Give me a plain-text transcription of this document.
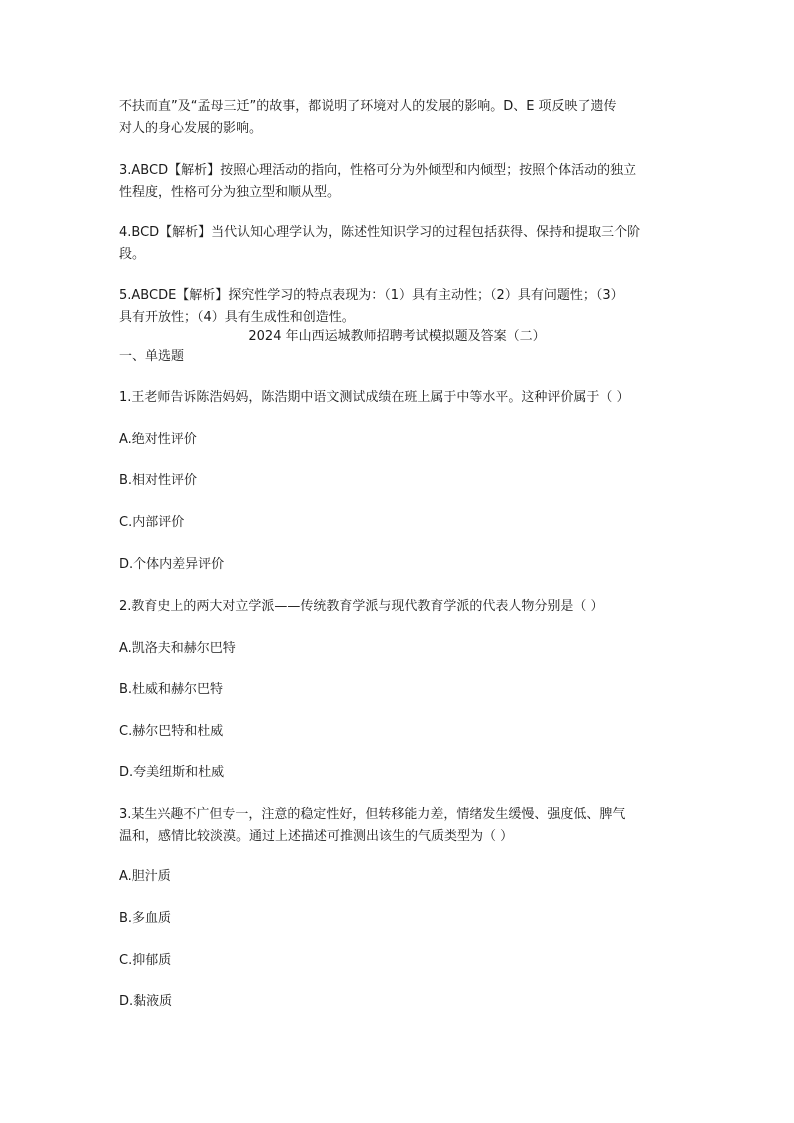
不扶而直”及“孟母三迁”的故事，都说明了环境对人的发展的影响。D、E 项反映了遗传
对人的身心发展的影响。

3.ABCD【解析】按照心理活动的指向，性格可分为外倾型和内倾型；按照个体活动的独立
性程度，性格可分为独立型和顺从型。

4.BCD【解析】当代认知心理学认为，陈述性知识学习的过程包括获得、保持和提取三个阶
段。

5.ABCDE【解析】探究性学习的特点表现为：（1）具有主动性；（2）具有问题性；（3）
具有开放性；（4）具有生成性和创造性。

2024 年山西运城教师招聘考试模拟题及答案（二）

一、单选题

1.王老师告诉陈浩妈妈，陈浩期中语文测试成绩在班上属于中等水平。这种评价属于（ ）

A.绝对性评价

B.相对性评价

C.内部评价

D.个体内差异评价

2.教育史上的两大对立学派——传统教育学派与现代教育学派的代表人物分别是（ ）

A.凯洛夫和赫尔巴特

B.杜威和赫尔巴特

C.赫尔巴特和杜威

D.夸美纽斯和杜威

3.某生兴趣不广但专一，注意的稳定性好，但转移能力差，情绪发生缓慢、强度低、脾气
温和，感情比较淡漠。通过上述描述可推测出该生的气质类型为（ ）

A.胆汁质

B.多血质

C.抑郁质

D.黏液质
